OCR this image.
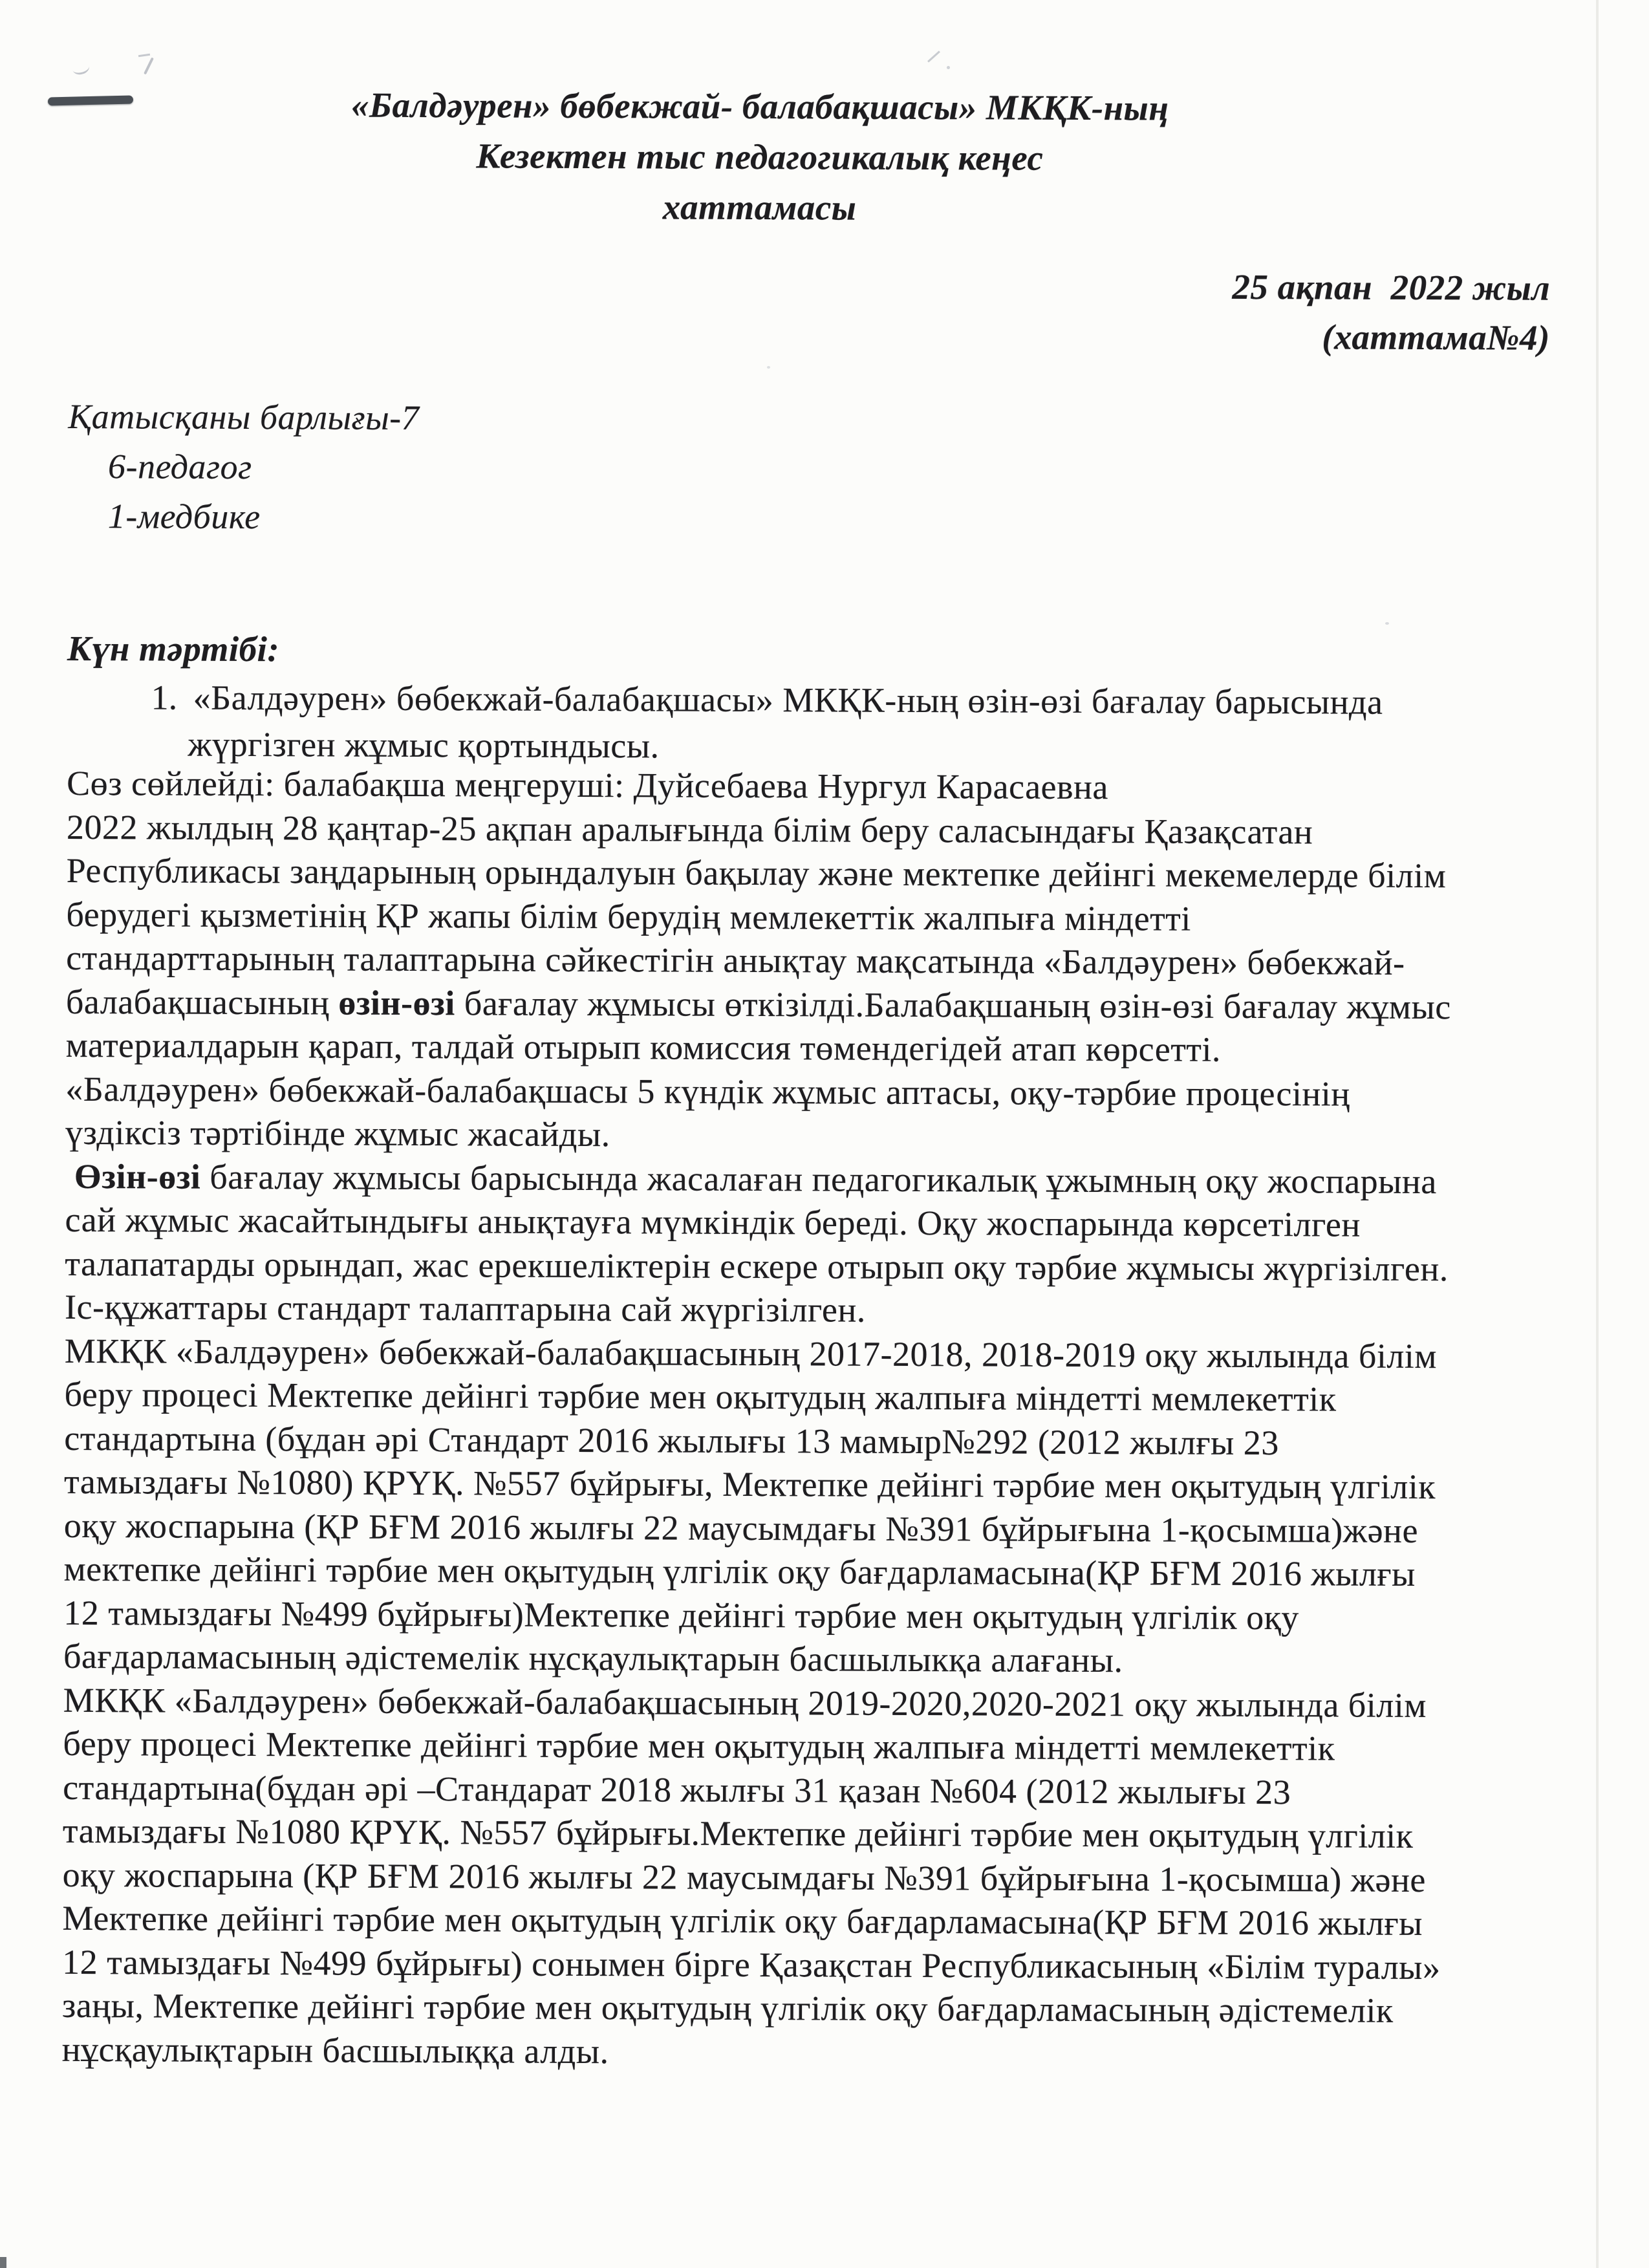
«Балдәурен» бөбекжай- балабақшасы» МКҚК-ның
Кезектен тыс педагогикалық кеңес
хаттамасы
25 ақпан  2022 жыл
(хаттама№4)
Қатысқаны барлығы-7
6-педагог
1-медбике
Күн тәртібі:
1. «Балдәурен» бөбекжай-балабақшасы» МКҚК-ның өзін-өзі бағалау барысында
жүргізген жұмыс қортындысы.
Сөз сөйлейді: балабақша меңгеруші: Дуйсебаева Нургул Карасаевна
2022 жылдың 28 қаңтар-25 ақпан аралығында білім беру саласындағы Қазақсатан
Республикасы заңдарының орындалуын бақылау және мектепке дейінгі мекемелерде білім
берудегі қызметінің ҚР жапы білім берудің мемлекеттік жалпыға міндетті
стандарттарының талаптарына сәйкестігін анықтау мақсатында «Балдәурен» бөбекжай-
балабақшасының өзін-өзі бағалау жұмысы өткізілді.Балабақшаның өзін-өзі бағалау жұмыс
материалдарын қарап, талдай отырып комиссия төмендегідей атап көрсетті.
«Балдәурен» бөбекжай-балабақшасы 5 күндік жұмыс аптасы, оқу-тәрбие процесінің
үздіксіз тәртібінде жұмыс жасайды.
Өзін-өзі бағалау жұмысы барысында жасалаған педагогикалық ұжымның оқу жоспарына
сай жұмыс жасайтындығы анықтауға мүмкіндік береді. Оқу жоспарында көрсетілген
талапатарды орындап, жас ерекшеліктерін ескере отырып оқу тәрбие жұмысы жүргізілген.
Іс-құжаттары стандарт талаптарына сай жүргізілген.
МКҚК «Балдәурен» бөбекжай-балабақшасының 2017-2018, 2018-2019 оқу жылында білім
беру процесі Мектепке дейінгі тәрбие мен оқытудың жалпыға міндетті мемлекеттік
стандартына (бұдан әрі Стандарт 2016 жылығы 13 мамыр№292 (2012 жылғы 23
тамыздағы №1080) ҚРҮҚ. №557 бұйрығы, Мектепке дейінгі тәрбие мен оқытудың үлгілік
оқу жоспарына (ҚР БҒМ 2016 жылғы 22 маусымдағы №391 бұйрығына 1-қосымша)және
мектепке дейінгі тәрбие мен оқытудың үлгілік оқу бағдарламасына(ҚР БҒМ 2016 жылғы
12 тамыздағы №499 бұйрығы)Мектепке дейінгі тәрбие мен оқытудың үлгілік оқу
бағдарламасының әдістемелік нұсқаулықтарын басшылыкқа алағаны.
МКҚК «Балдәурен» бөбекжай-балабақшасының 2019-2020,2020-2021 оқу жылында білім
беру процесі Мектепке дейінгі тәрбие мен оқытудың жалпыға міндетті мемлекеттік
стандартына(бұдан әрі –Стандарат 2018 жылғы 31 қазан №604 (2012 жылығы 23
тамыздағы №1080 ҚРҮҚ. №557 бұйрығы.Мектепке дейінгі тәрбие мен оқытудың үлгілік
оқу жоспарына (ҚР БҒМ 2016 жылғы 22 маусымдағы №391 бұйрығына 1-қосымша) және
Мектепке дейінгі тәрбие мен оқытудың үлгілік оқу бағдарламасына(ҚР БҒМ 2016 жылғы
12 тамыздағы №499 бұйрығы) сонымен бірге Қазақстан Республикасының «Білім туралы»
заңы, Мектепке дейінгі тәрбие мен оқытудың үлгілік оқу бағдарламасының әдістемелік
нұсқаулықтарын басшылыққа алды.
